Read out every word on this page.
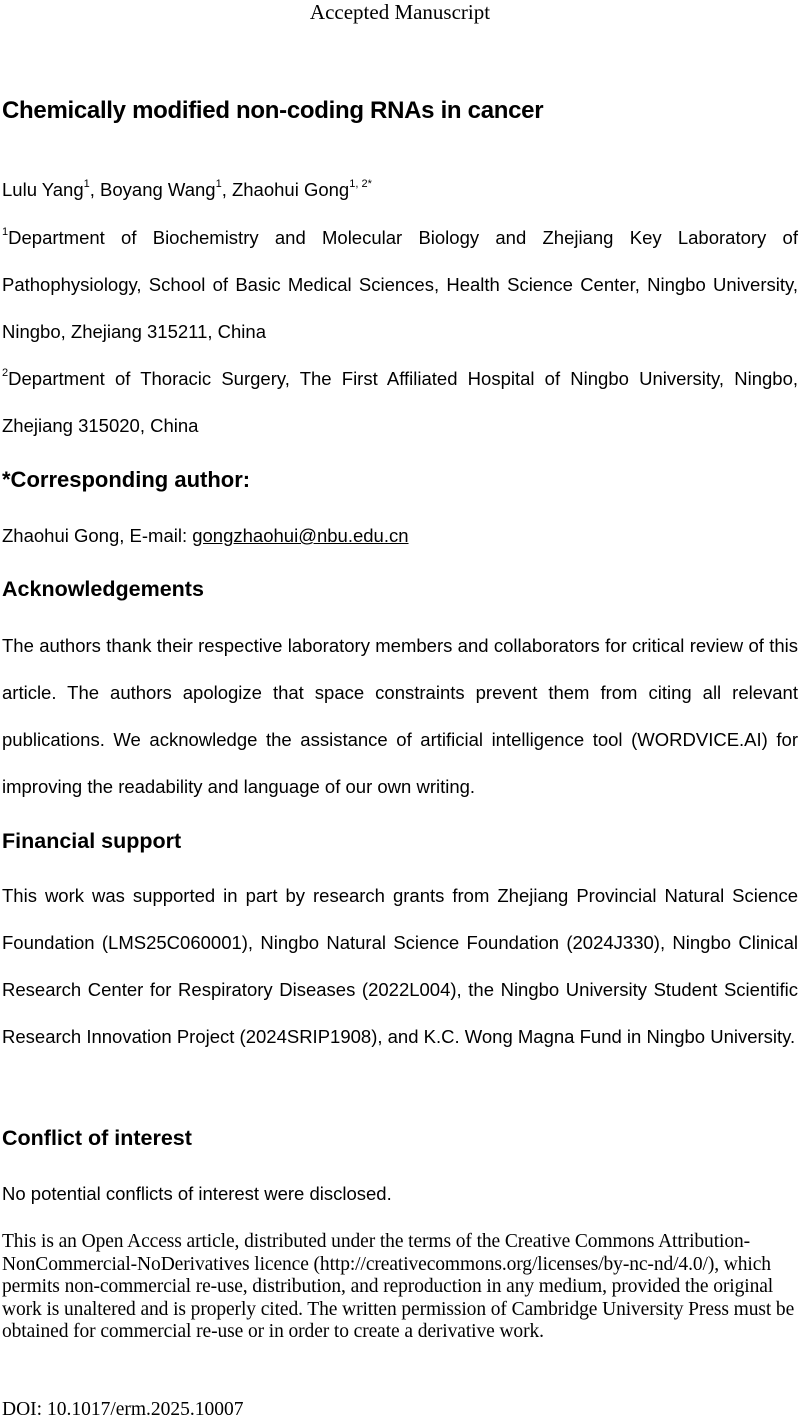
Accepted Manuscript
Chemically modified non-coding RNAs in cancer

Lulu Yang$^1$, Boyang Wang$^1$, Zhaohui Gong$^{1, 2*}$

$^1$Department of Biochemistry and Molecular Biology and Zhejiang Key Laboratory of Pathophysiology, School of Basic Medical Sciences, Health Science Center, Ningbo University, Ningbo, Zhejiang 315211, China

$^2$Department of Thoracic Surgery, The First Affiliated Hospital of Ningbo University, Ningbo, Zhejiang 315020, China

*Corresponding author:

Zhaohui Gong, E-mail: gongzhaohui@nbu.edu.cn

Acknowledgements

The authors thank their respective laboratory members and collaborators for critical review of this article. The authors apologize that space constraints prevent them from citing all relevant publications. We acknowledge the assistance of artificial intelligence tool (WORDVICE.AI) for improving the readability and language of our own writing.

Financial support

This work was supported in part by research grants from Zhejiang Provincial Natural Science Foundation (LMS25C060001), Ningbo Natural Science Foundation (2024J330), Ningbo Clinical Research Center for Respiratory Diseases (2022L004), the Ningbo University Student Scientific Research Innovation Project (2024SRIP1908), and K.C. Wong Magna Fund in Ningbo University.

Conflict of interest

No potential conflicts of interest were disclosed.

This is an Open Access article, distributed under the terms of the Creative Commons Attribution-NonCommercial-NoDerivatives licence (http://creativecommons.org/licenses/by-nc-nd/4.0/), which permits non-commercial re-use, distribution, and reproduction in any medium, provided the original work is unaltered and is properly cited. The written permission of Cambridge University Press must be obtained for commercial re-use or in order to create a derivative work.

DOI: 10.1017/erm.2025.10007
